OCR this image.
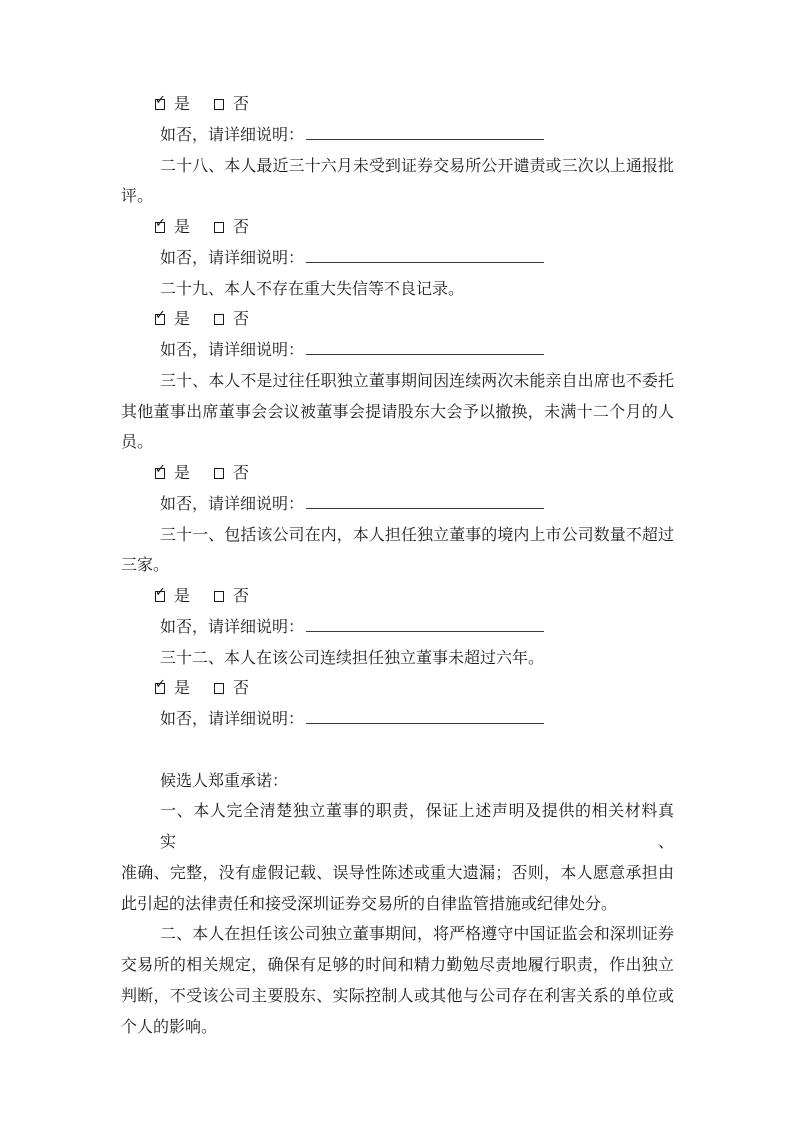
✓ 是	否
如否，请详细说明：
二十八、本人最近三十六月未受到证券交易所公开谴责或三次以上通报批
评。
✓ 是	否
如否，请详细说明：
二十九、本人不存在重大失信等不良记录。
✓ 是	否
如否，请详细说明：
三十、本人不是过往任职独立董事期间因连续两次未能亲自出席也不委托
其他董事出席董事会会议被董事会提请股东大会予以撤换，未满十二个月的人
员。
✓ 是	否
如否，请详细说明：
三十一、包括该公司在内，本人担任独立董事的境内上市公司数量不超过
三家。
✓ 是	否
如否，请详细说明：
三十二、本人在该公司连续担任独立董事未超过六年。
✓ 是	否
如否，请详细说明：
候选人郑重承诺：
一、本人完全清楚独立董事的职责，保证上述声明及提供的相关材料真实、
准确、完整，没有虚假记载、误导性陈述或重大遗漏；否则，本人愿意承担由
此引起的法律责任和接受深圳证券交易所的自律监管措施或纪律处分。
二、本人在担任该公司独立董事期间，将严格遵守中国证监会和深圳证券
交易所的相关规定，确保有足够的时间和精力勤勉尽责地履行职责，作出独立
判断，不受该公司主要股东、实际控制人或其他与公司存在利害关系的单位或
个人的影响。
